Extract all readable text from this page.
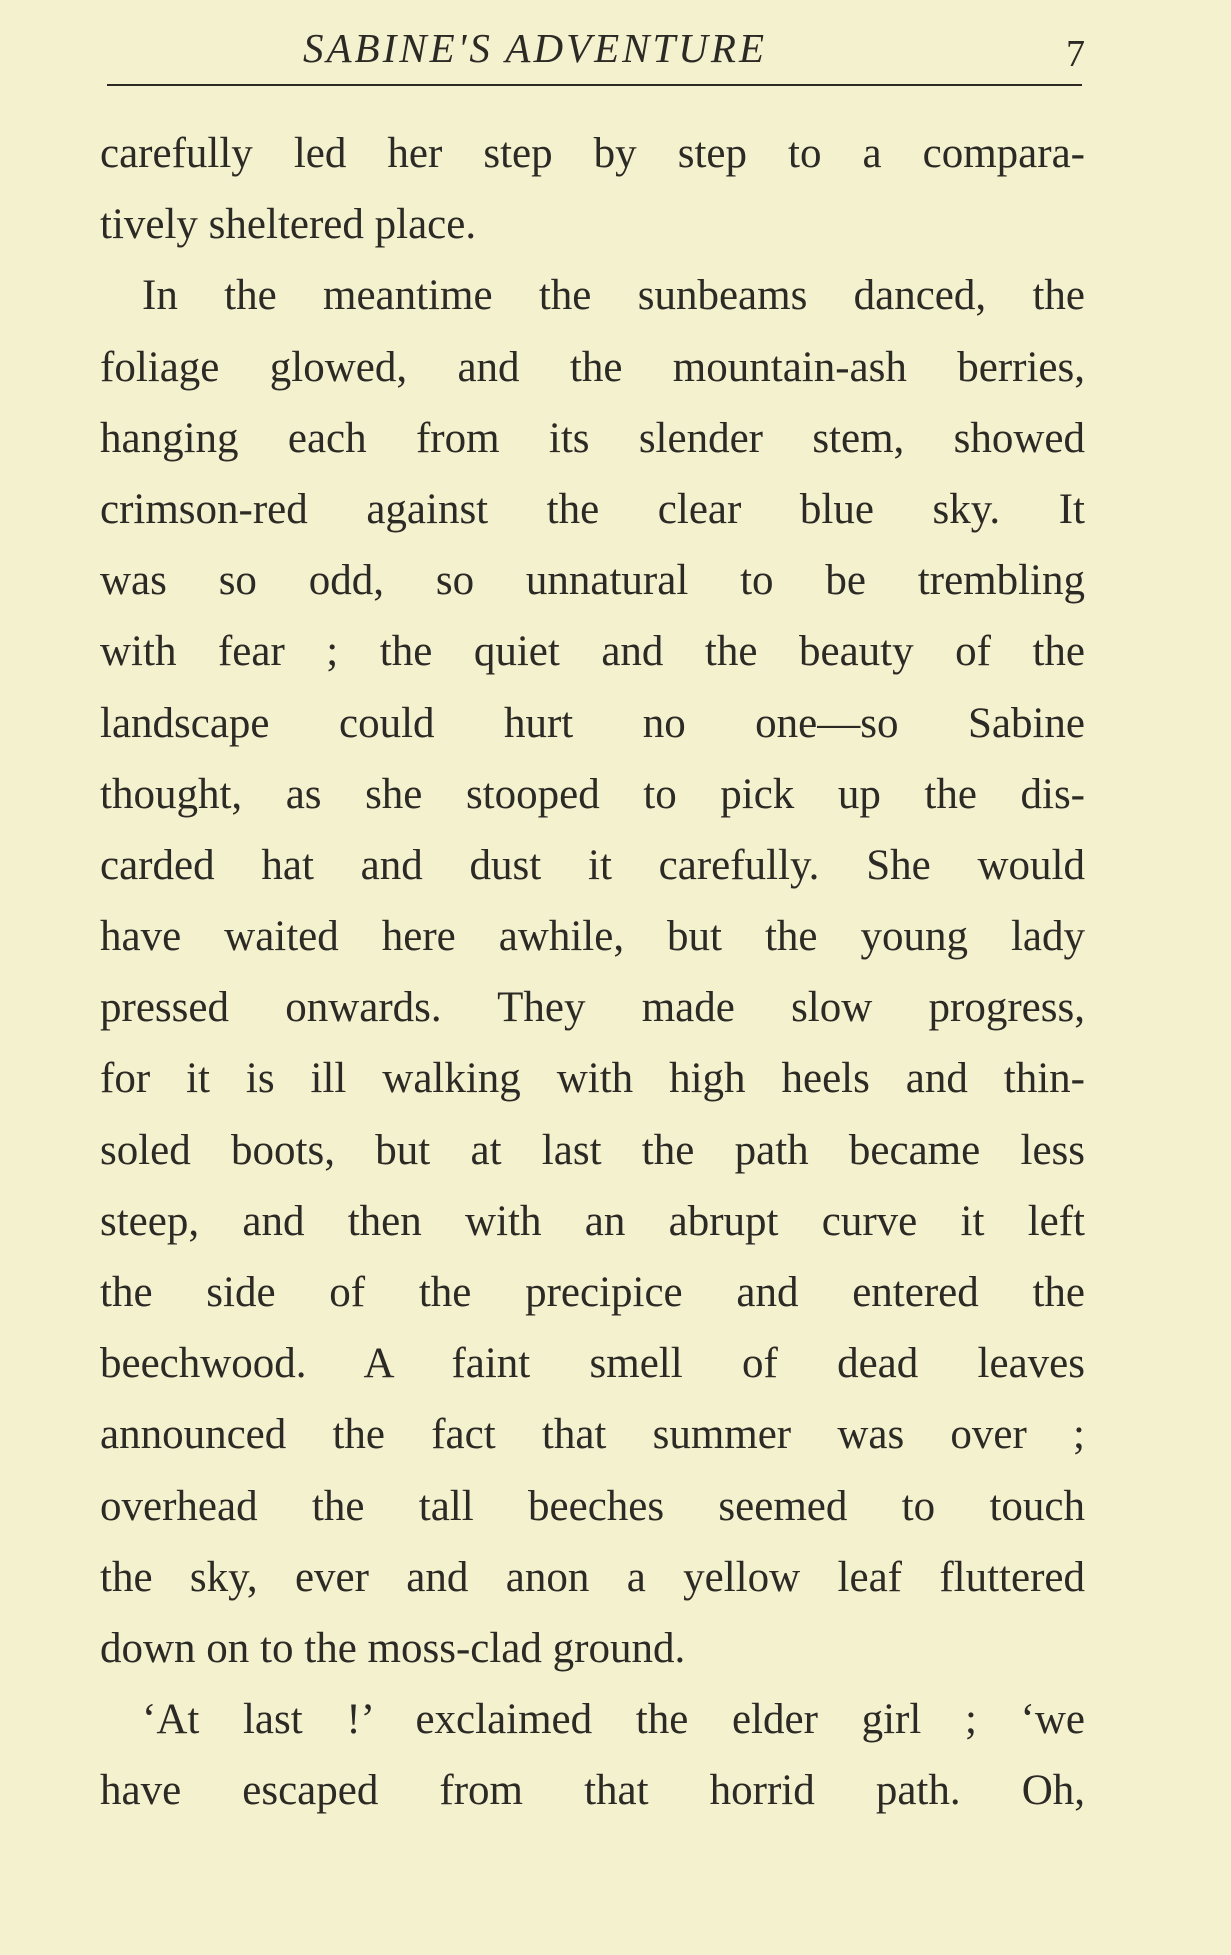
SABINE'S ADVENTURE	7
carefully led her step by step to a compara-
tively sheltered place.
In the meantime the sunbeams danced, the
foliage glowed, and the mountain-ash berries,
hanging each from its slender stem, showed
crimson-red against the clear blue sky. It
was so odd, so unnatural to be trembling
with fear ; the quiet and the beauty of the
landscape could hurt no one—so Sabine
thought, as she stooped to pick up the dis-
carded hat and dust it carefully. She would
have waited here awhile, but the young lady
pressed onwards. They made slow progress,
for it is ill walking with high heels and thin-
soled boots, but at last the path became less
steep, and then with an abrupt curve it left
the side of the precipice and entered the
beechwood. A faint smell of dead leaves
announced the fact that summer was over ;
overhead the tall beeches seemed to touch
the sky, ever and anon a yellow leaf fluttered
down on to the moss-clad ground.
‘At last !’ exclaimed the elder girl ; ‘we
have escaped from that horrid path. Oh,
